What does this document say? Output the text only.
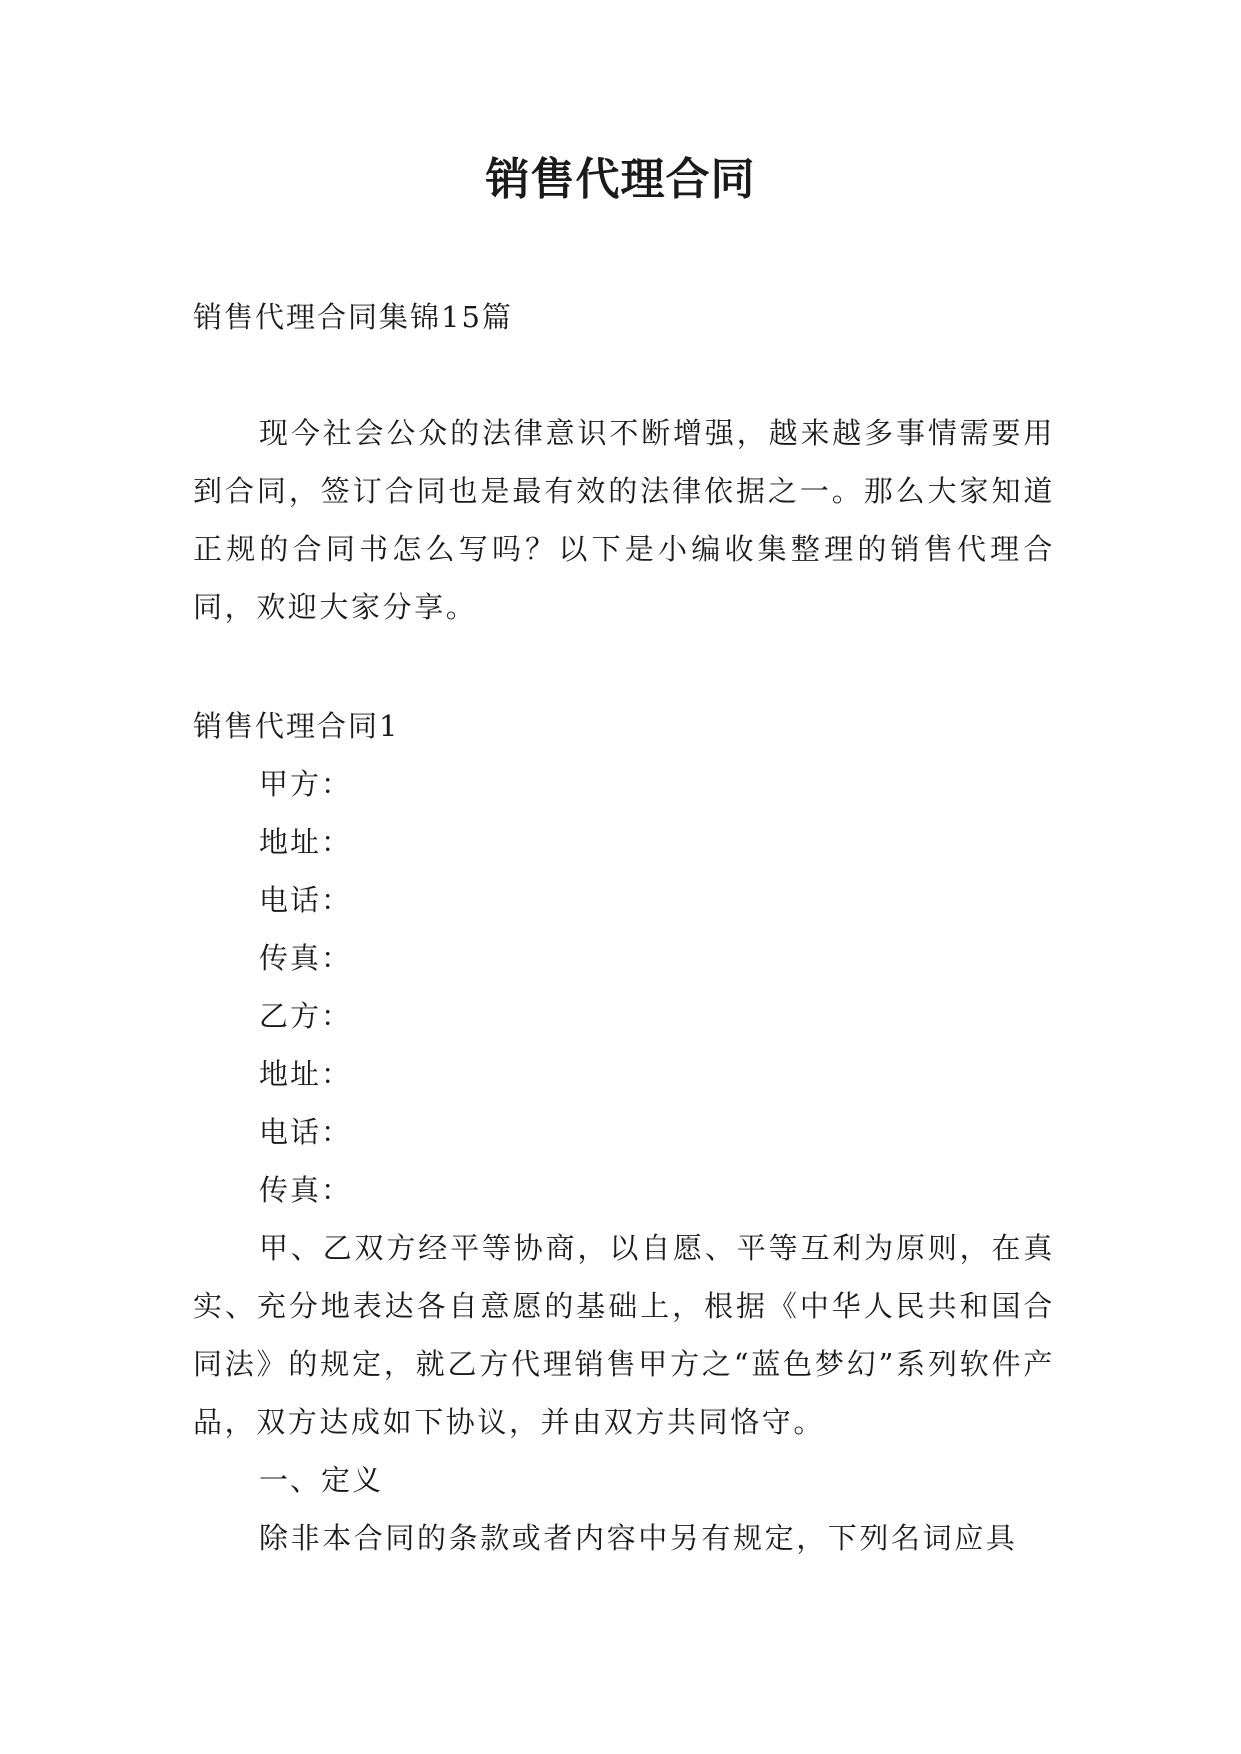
销售代理合同

销售代理合同集锦15篇

现今社会公众的法律意识不断增强，越来越多事情需要用到合同，签订合同也是最有效的法律依据之一。那么大家知道正规的合同书怎么写吗？以下是小编收集整理的销售代理合同，欢迎大家分享。

销售代理合同1

甲方：
地址：
电话：
传真：
乙方：
地址：
电话：
传真：

甲、乙双方经平等协商，以自愿、平等互利为原则，在真实、充分地表达各自意愿的基础上，根据《中华人民共和国合同法》的规定，就乙方代理销售甲方之“蓝色梦幻”系列软件产品，双方达成如下协议，并由双方共同恪守。

一、定义

除非本合同的条款或者内容中另有规定，下列名词应具
